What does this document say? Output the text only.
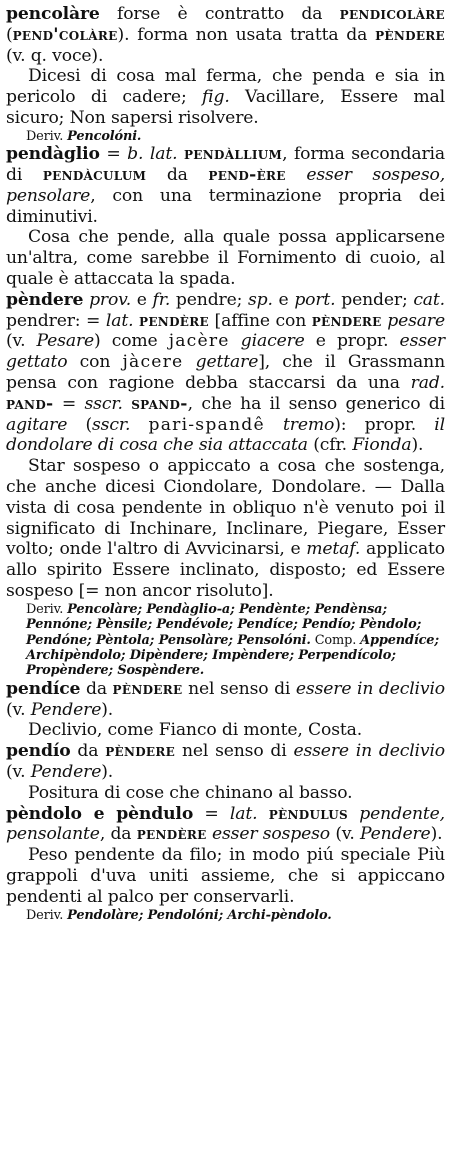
pencolàre forse è contratto da pendicolàre (pend'colàre). forma non usata tratta da pèndere (v. q. voce).

Dicesi di cosa mal ferma, che penda e sia in pericolo di cadere; fig. Vacillare, Essere mal sicuro; Non sapersi risolvere.

Deriv. Pencolóni.

pendàglio = b. lat. pendàllium, forma secondaria di pendàculum da pend-ère esser sospeso, pensolare, con una terminazione propria dei diminutivi.

Cosa che pende, alla quale possa applicarsene un'altra, come sarebbe il Fornimento di cuoio, al quale è attaccata la spada.

pèndere prov. e fr. pendre; sp. e port. pender; cat. pendrer: = lat. pendère [affine con pèndere pesare (v. Pesare) come jacère giacere e propr. esser gettato con jàcere gettare], che il Grassmann pensa con ragione debba staccarsi da una rad. pand- = sscr. spand-, che ha il senso generico di agitare (sscr. pari-spandê tremo): propr. il dondolare di cosa che sia attaccata (cfr. Fionda).

Star sospeso o appiccato a cosa che sostenga, che anche dicesi Ciondolare, Dondolare. — Dalla vista di cosa pendente in obliquo n'è venuto poi il significato di Inchinare, Inclinare, Piegare, Esser volto; onde l'altro di Avvicinarsi, e metaf. applicato allo spirito Essere inclinato, disposto; ed Essere sospeso [= non ancor risoluto].

Deriv. Pencolàre; Pendàglio-a; Pendènte; Pendènsa; Pennóne; Pènsile; Pendévole; Pendíce; Pendío; Pèndolo; Pendóne; Pèntola; Pensolàre; Pensolóni. Comp. Appendíce; Archipèndolo; Dipèndere; Impèndere; Perpendícolo; Propèndere; Sospèndere.

pendíce da pèndere nel senso di essere in declivio (v. Pendere).

Declivio, come Fianco di monte, Costa.

pendío da pèndere nel senso di essere in declivio (v. Pendere).

Positura di cose che chinano al basso.

pèndolo e pèndulo = lat. pèndulus pendente, pensolante, da pendère esser sospeso (v. Pendere).

Peso pendente da filo; in modo piú speciale Più grappoli d'uva uniti assieme, che si appiccano pendenti al palco per conservarli.

Deriv. Pendolàre; Pendolóni; Archi-pèndolo.
